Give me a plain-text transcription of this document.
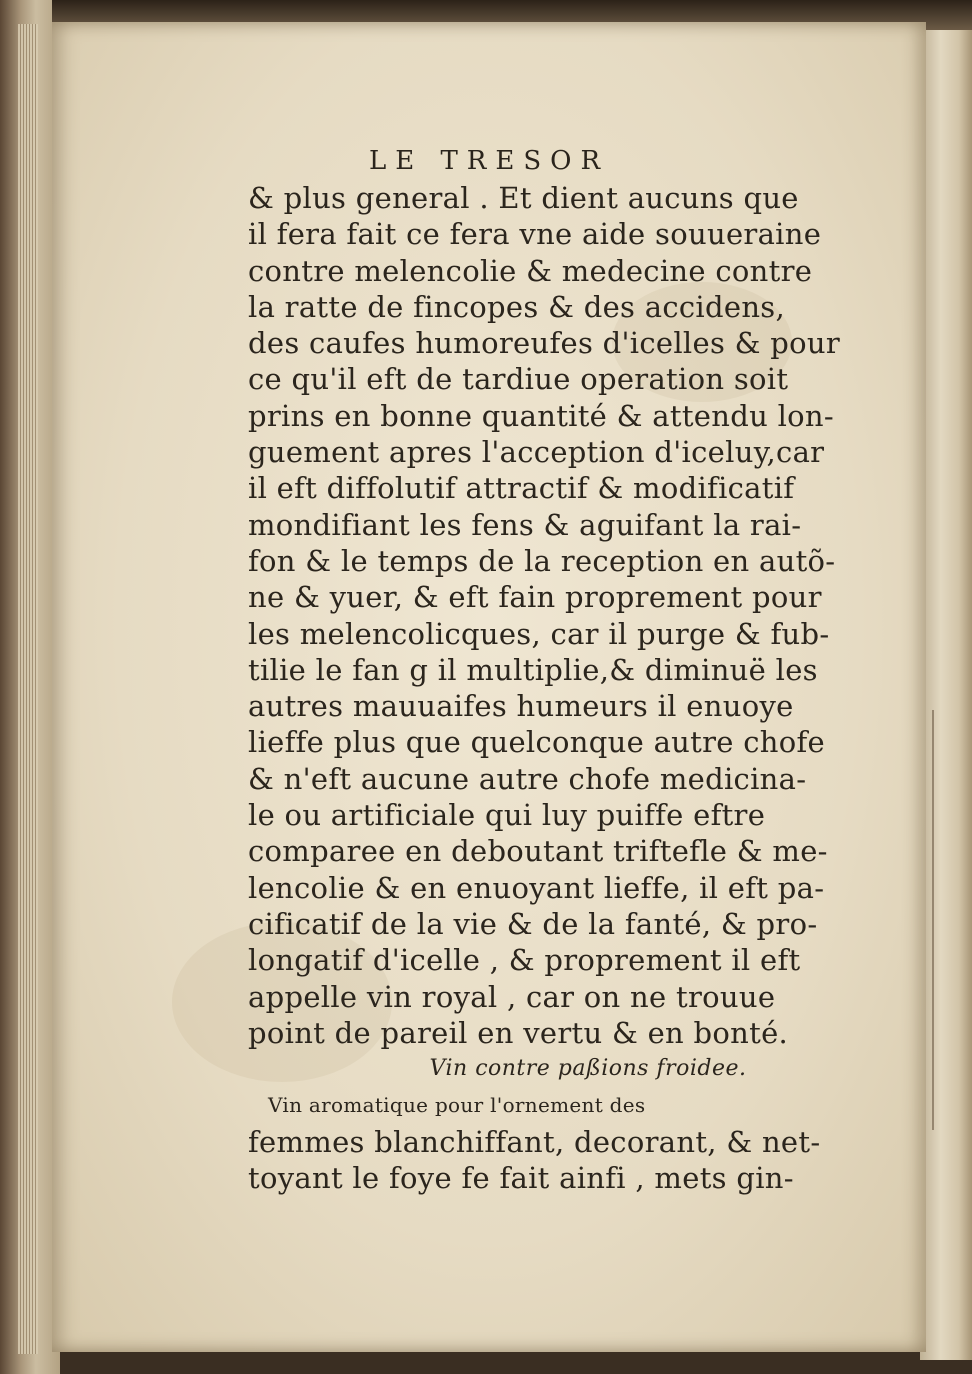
LE TRESOR
& plus general . Et dient aucuns que
il fera fait ce fera vne aide souueraine
contre melencolie & medecine contre
la ratte de fincopes & des accidens,
des caufes humoreufes d'icelles & pour
ce qu'il eft de tardiue operation soit
prins en bonne quantité & attendu lon-
guement apres l'acception d'iceluy,car
il eft diffolutif attractif & modificatif
mondifiant les fens & aguifant la rai-
fon & le temps de la reception en autõ-
ne & yuer, & eft fain proprement pour
les melencolicques, car il purge & fub-
tilie le fan g il multiplie,& diminuë les
autres mauuaifes humeurs il enuoye
lieffe plus que quelconque autre chofe
& n'eft aucune autre chofe medicina-
le ou artificiale qui luy puiffe eftre
comparee en deboutant triftefle & me-
lencolie & en enuoyant lieffe, il eft pa-
cificatif de la vie & de la fanté, & pro-
longatif d'icelle , & proprement il eft
appelle vin royal , car on ne trouue
point de pareil en vertu & en bonté.
Vin contre paßions froidee.
Vin aromatique pour l'ornement des
femmes blanchiffant, decorant, & net-
toyant le foye fe fait ainfi , mets gin-
